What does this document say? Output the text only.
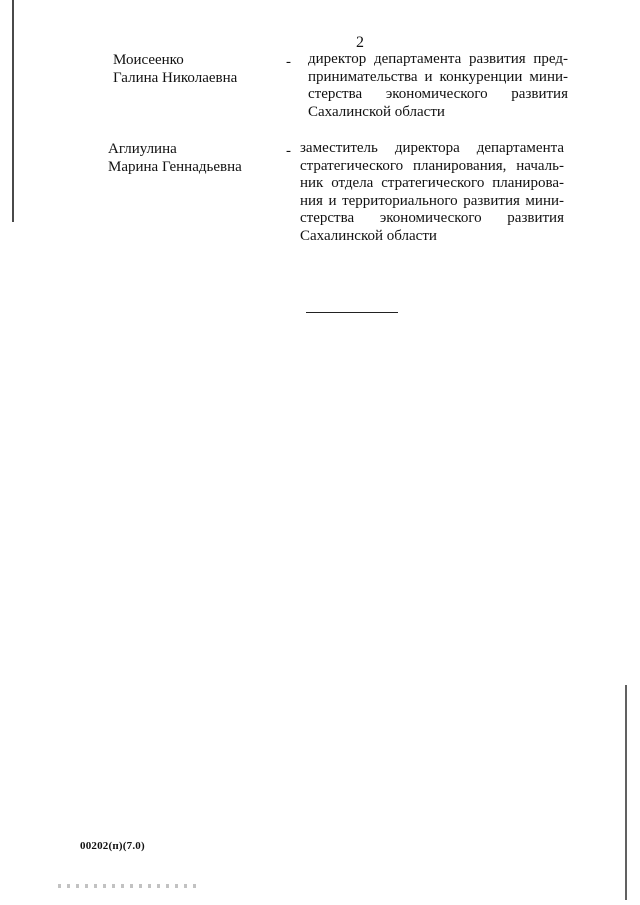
2
Моисеенко
Галина Николаевна
- директор департамента развития пред-
принимательства и конкуренции мини-
стерства экономического развития
Сахалинской области
Аглиулина
Марина Геннадьевна
- заместитель директора департамента
стратегического планирования, началь-
ник отдела стратегического планирова-
ния и территориального развития мини-
стерства экономического развития
Сахалинской области
00202(п)(7.0)
